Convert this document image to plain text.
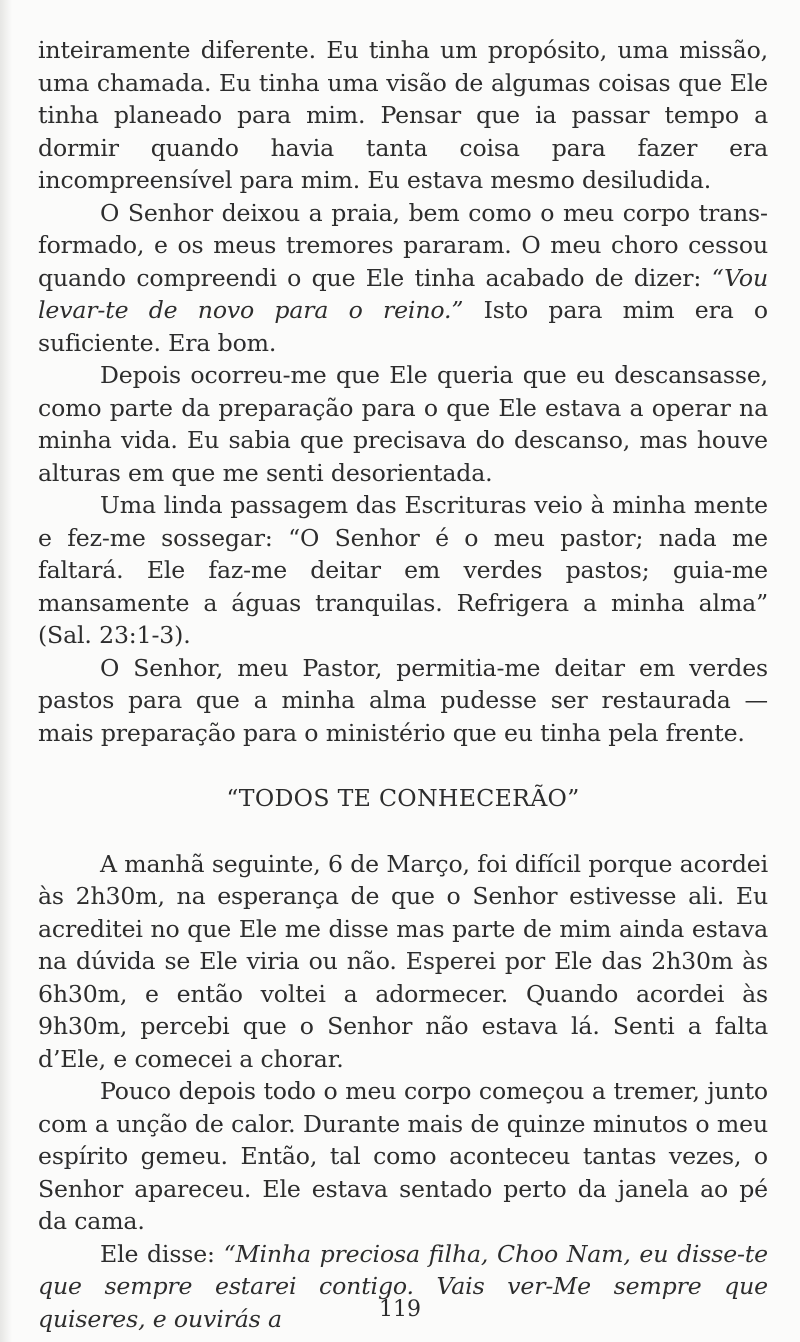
inteiramente diferente. Eu tinha um propósito, uma missão, uma chamada. Eu tinha uma visão de algumas coisas que Ele tinha planeado para mim. Pensar que ia passar tempo a dormir quando havia tanta coisa para fazer era incompreensível para mim. Eu estava mesmo desiludida.

O Senhor deixou a praia, bem como o meu corpo transformado, e os meus tremores pararam. O meu choro cessou quando compreendi o que Ele tinha acabado de dizer: “Vou levar-te de novo para o reino.” Isto para mim era o suficiente. Era bom.

Depois ocorreu-me que Ele queria que eu descansasse, como parte da preparação para o que Ele estava a operar na minha vida. Eu sabia que precisava do descanso, mas houve alturas em que me senti desorientada.

Uma linda passagem das Escrituras veio à minha mente e fez-me sossegar: “O Senhor é o meu pastor; nada me faltará. Ele faz-me deitar em verdes pastos; guia-me mansamente a águas tranquilas. Refrigera a minha alma” (Sal. 23:1-3).

O Senhor, meu Pastor, permitia-me deitar em verdes pastos para que a minha alma pudesse ser restaurada — mais preparação para o ministério que eu tinha pela frente.

“TODOS TE CONHECERÃO”

A manhã seguinte, 6 de Março, foi difícil porque acordei às 2h30m, na esperança de que o Senhor estivesse ali. Eu acreditei no que Ele me disse mas parte de mim ainda estava na dúvida se Ele viria ou não. Esperei por Ele das 2h30m às 6h30m, e então voltei a adormecer. Quando acordei às 9h30m, percebi que o Senhor não estava lá. Senti a falta d’Ele, e comecei a chorar.

Pouco depois todo o meu corpo começou a tremer, junto com a unção de calor. Durante mais de quinze minutos o meu espírito gemeu. Então, tal como aconteceu tantas vezes, o Senhor apareceu. Ele estava sentado perto da janela ao pé da cama.

Ele disse: “Minha preciosa filha, Choo Nam, eu disse-te que sempre estarei contigo. Vais ver-Me sempre que quiseres, e ouvirás a	119
